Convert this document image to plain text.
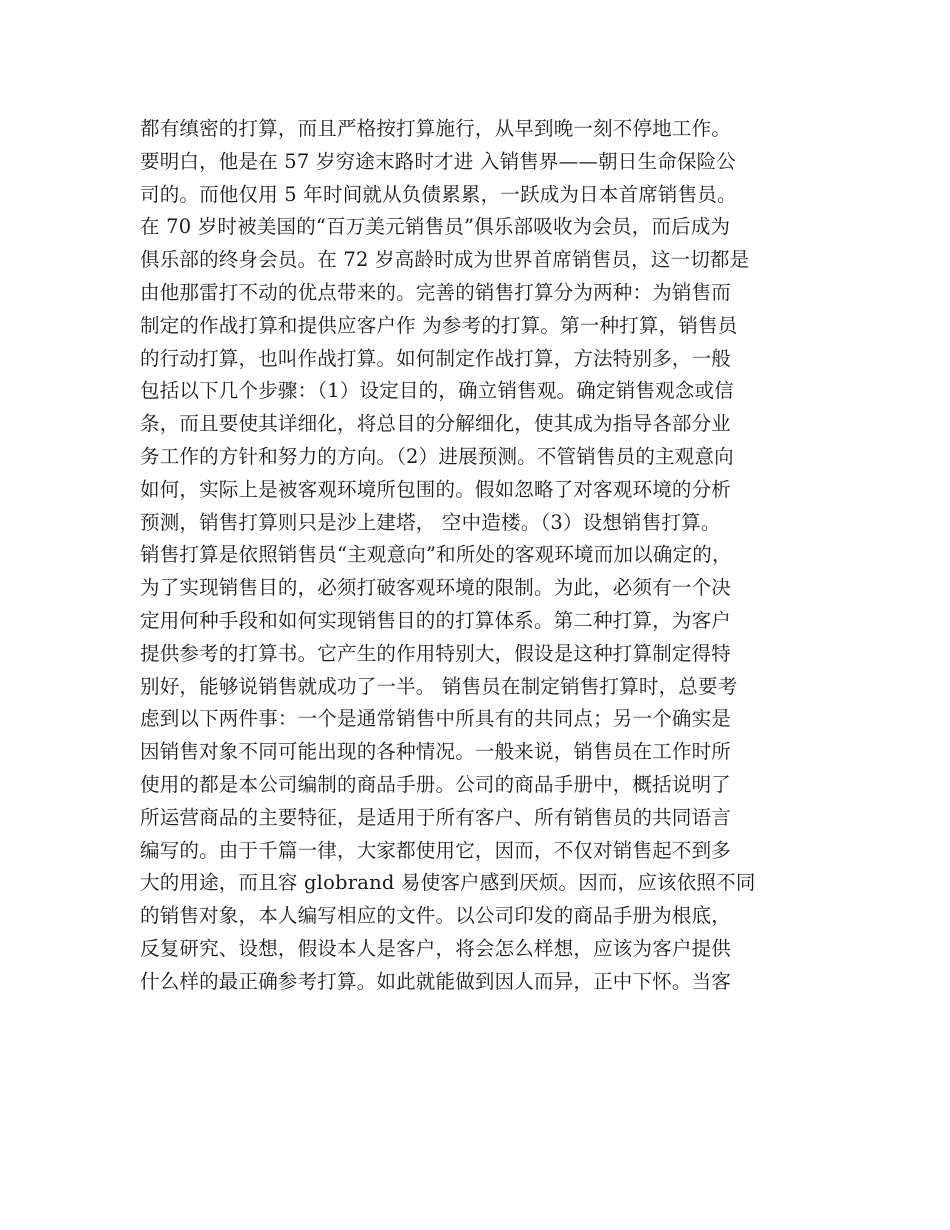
都有缜密的打算，而且严格按打算施行，从早到晚一刻不停地工作。
要明白，他是在 57 岁穷途末路时才进 入销售界——朝日生命保险公
司的。而他仅用 5 年时间就从负债累累，一跃成为日本首席销售员。
在 70 岁时被美国的“百万美元销售员”俱乐部吸收为会员，而后成为
俱乐部的终身会员。在 72 岁高龄时成为世界首席销售员，这一切都是
由他那雷打不动的优点带来的。完善的销售打算分为两种：为销售而
制定的作战打算和提供应客户作 为参考的打算。第一种打算，销售员
的行动打算，也叫作战打算。如何制定作战打算，方法特别多，一般
包括以下几个步骤：（1）设定目的，确立销售观。确定销售观念或信
条，而且要使其详细化，将总目的分解细化，使其成为指导各部分业
务工作的方针和努力的方向。（2）进展预测。不管销售员的主观意向
如何，实际上是被客观环境所包围的。假如忽略了对客观环境的分析
预测，销售打算则只是沙上建塔， 空中造楼。（3）设想销售打算。
销售打算是依照销售员“主观意向”和所处的客观环境而加以确定的，
为了实现销售目的，必须打破客观环境的限制。为此，必须有一个决
定用何种手段和如何实现销售目的的打算体系。第二种打算，为客户
提供参考的打算书。它产生的作用特别大，假设是这种打算制定得特
别好，能够说销售就成功了一半。 销售员在制定销售打算时，总要考
虑到以下两件事：一个是通常销售中所具有的共同点；另一个确实是
因销售对象不同可能出现的各种情况。一般来说，销售员在工作时所
使用的都是本公司编制的商品手册。公司的商品手册中，概括说明了
所运营商品的主要特征，是适用于所有客户、所有销售员的共同语言
编写的。由于千篇一律，大家都使用它，因而，不仅对销售起不到多
大的用途，而且容 globrand 易使客户感到厌烦。因而，应该依照不同
的销售对象，本人编写相应的文件。以公司印发的商品手册为根底，
反复研究、设想，假设本人是客户，将会怎么样想，应该为客户提供
什么样的最正确参考打算。如此就能做到因人而异，正中下怀。当客
